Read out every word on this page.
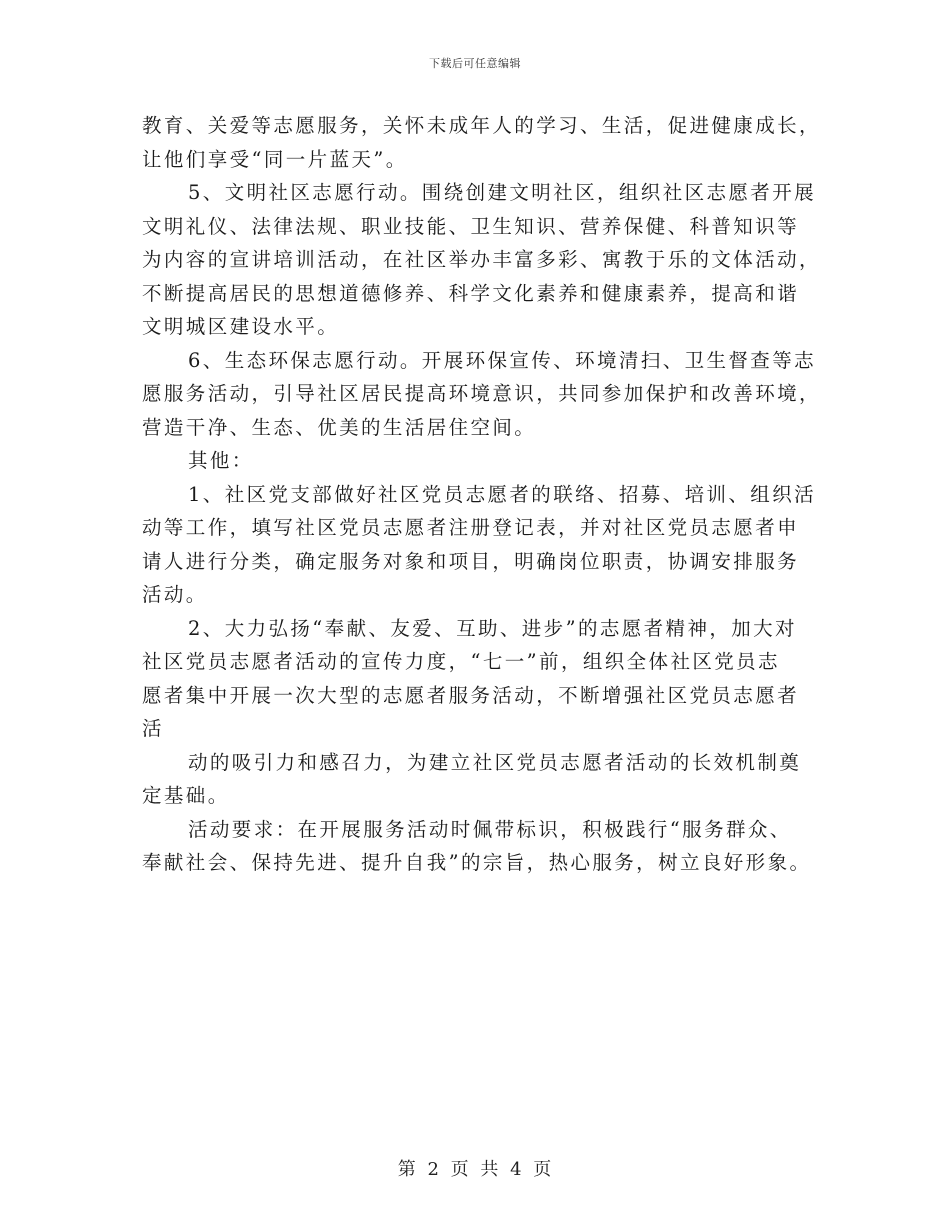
下载后可任意编辑
教育、关爱等志愿服务，关怀未成年人的学习、生活，促进健康成长，
让他们享受“同一片蓝天”。
5、文明社区志愿行动。围绕创建文明社区，组织社区志愿者开展
文明礼仪、法律法规、职业技能、卫生知识、营养保健、科普知识等
为内容的宣讲培训活动，在社区举办丰富多彩、寓教于乐的文体活动，
不断提高居民的思想道德修养、科学文化素养和健康素养，提高和谐
文明城区建设水平。
6、生态环保志愿行动。开展环保宣传、环境清扫、卫生督查等志
愿服务活动，引导社区居民提高环境意识，共同参加保护和改善环境，
营造干净、生态、优美的生活居住空间。
其他：
1、社区党支部做好社区党员志愿者的联络、招募、培训、组织活
动等工作，填写社区党员志愿者注册登记表，并对社区党员志愿者申
请人进行分类，确定服务对象和项目，明确岗位职责，协调安排服务
活动。
2、大力弘扬“奉献、友爱、互助、进步”的志愿者精神，加大对
社区党员志愿者活动的宣传力度，“七一”前，组织全体社区党员志
愿者集中开展一次大型的志愿者服务活动，不断增强社区党员志愿者
活
动的吸引力和感召力，为建立社区党员志愿者活动的长效机制奠
定基础。
活动要求：在开展服务活动时佩带标识，积极践行“服务群众、
奉献社会、保持先进、提升自我”的宗旨，热心服务，树立良好形象。
第 2 页 共 4 页
